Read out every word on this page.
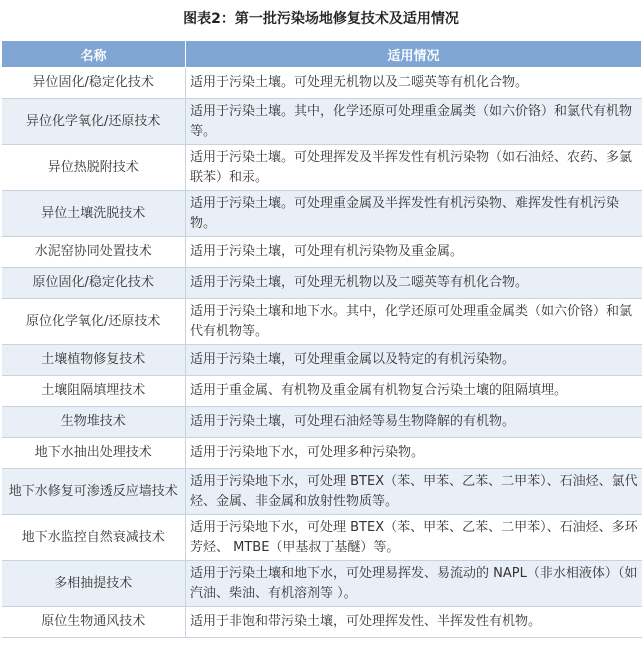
图表2：第一批污染场地修复技术及适用情况
名称	适用情况
异位固化/稳定化技术	适用于污染土壤。可处理无机物以及二噁英等有机化合物。
异位化学氧化/还原技术	适用于污染土壤。其中，化学还原可处理重金属类（如六价铬）和氯代有机物等。
异位热脱附技术	适用于污染土壤。可处理挥发及半挥发性有机污染物（如石油烃、农药、多氯联苯）和汞。
异位土壤洗脱技术	适用于污染土壤。可处理重金属及半挥发性有机污染物、难挥发性有机污染物。
水泥窑协同处置技术	适用于污染土壤，可处理有机污染物及重金属。
原位固化/稳定化技术	适用于污染土壤，可处理无机物以及二噁英等有机化合物。
原位化学氧化/还原技术	适用于污染土壤和地下水。其中，化学还原可处理重金属类（如六价铬）和氯代有机物等。
土壤植物修复技术	适用于污染土壤，可处理重金属以及特定的有机污染物。
土壤阻隔填埋技术	适用于重金属、有机物及重金属有机物复合污染土壤的阻隔填埋。
生物堆技术	适用于污染土壤，可处理石油烃等易生物降解的有机物。
地下水抽出处理技术	适用于污染地下水，可处理多种污染物。
地下水修复可渗透反应墙技术	适用于污染地下水，可处理 BTEX（苯、甲苯、乙苯、二甲苯）、石油烃、氯代烃、金属、非金属和放射性物质等。
地下水监控自然衰减技术	适用于污染地下水，可处理 BTEX（苯、甲苯、乙苯、二甲苯）、石油烃、多环芳烃、 MTBE（甲基叔丁基醚）等。
多相抽提技术	适用于污染土壤和地下水，可处理易挥发、易流动的 NAPL（非水相液体）（如汽油、柴油、有机溶剂等 ）。
原位生物通风技术	适用于非饱和带污染土壤，可处理挥发性、半挥发性有机物。
